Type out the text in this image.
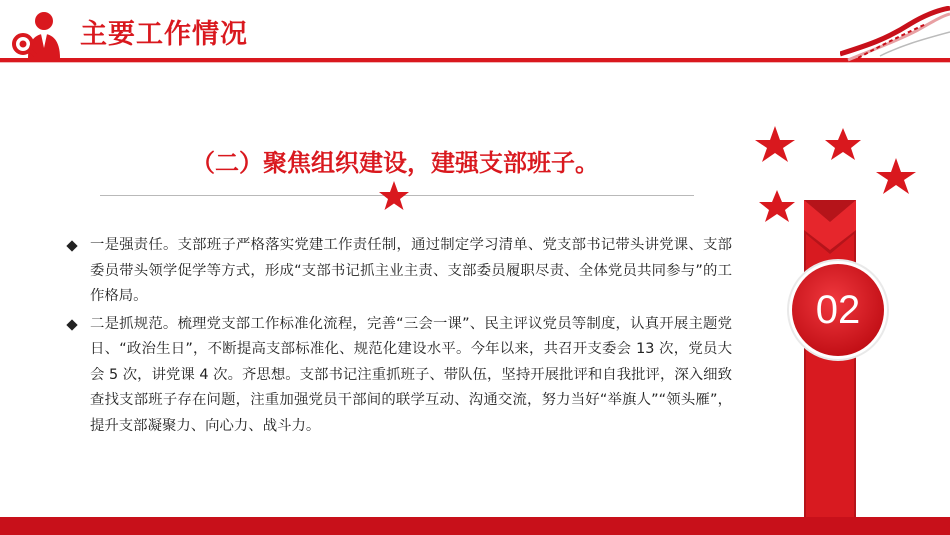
主要工作情况
（二）聚焦组织建设，建强支部班子。
一是强责任。支部班子严格落实党建工作责任制，通过制定学习清单、党支部书记带头讲党课、支部委员带头领学促学等方式，形成“支部书记抓主业主责、支部委员履职尽责、全体党员共同参与”的工作格局。
二是抓规范。梳理党支部工作标准化流程，完善“三会一课”、民主评议党员等制度，认真开展主题党日、“政治生日”，不断提高支部标准化、规范化建设水平。今年以来，共召开支委会 13 次，党员大会 5 次，讲党课 4 次。齐思想。支部书记注重抓班子、带队伍，坚持开展批评和自我批评，深入细致查找支部班子存在问题，注重加强党员干部间的联学互动、沟通交流，努力当好“举旗人”“领头雁”，提升支部凝聚力、向心力、战斗力。
02
